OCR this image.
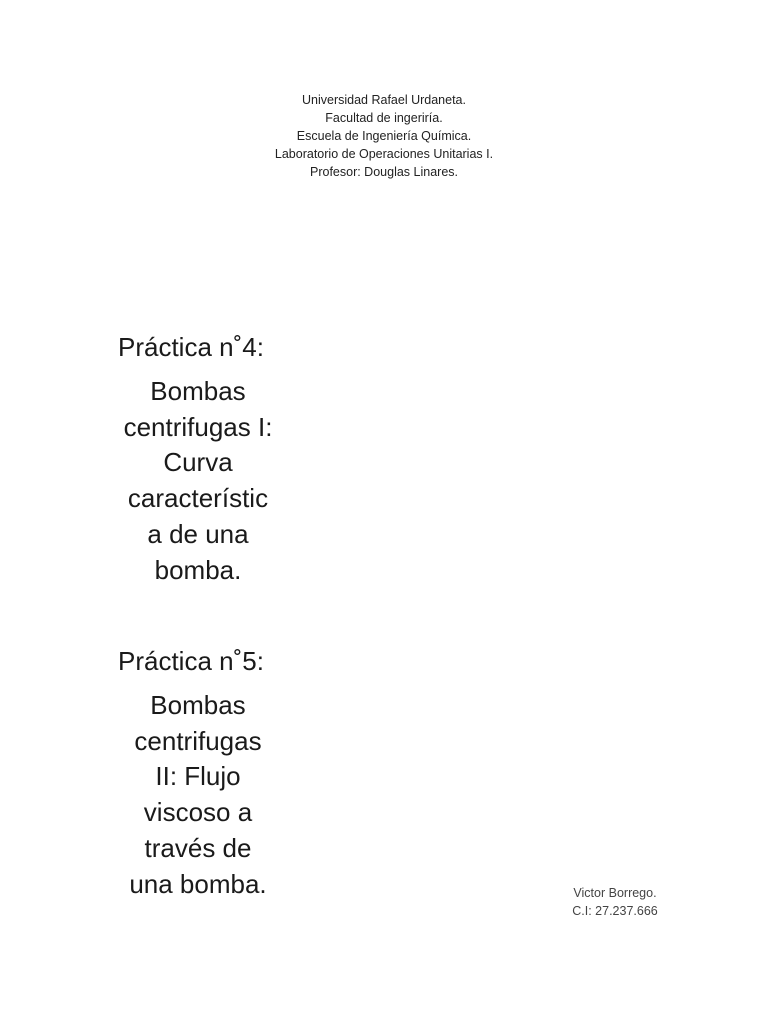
Universidad Rafael Urdaneta.
Facultad de ingeriría.
Escuela de Ingeniería Química.
Laboratorio de Operaciones Unitarias I.
Profesor: Douglas Linares.
Práctica n˚4:
Bombas
centrifugas I:
Curva
característic
a de una
bomba.
Práctica n˚5:
Bombas
centrifugas
II: Flujo
viscoso a
través de
una bomba.	Victor Borrego.
C.I: 27.237.666
